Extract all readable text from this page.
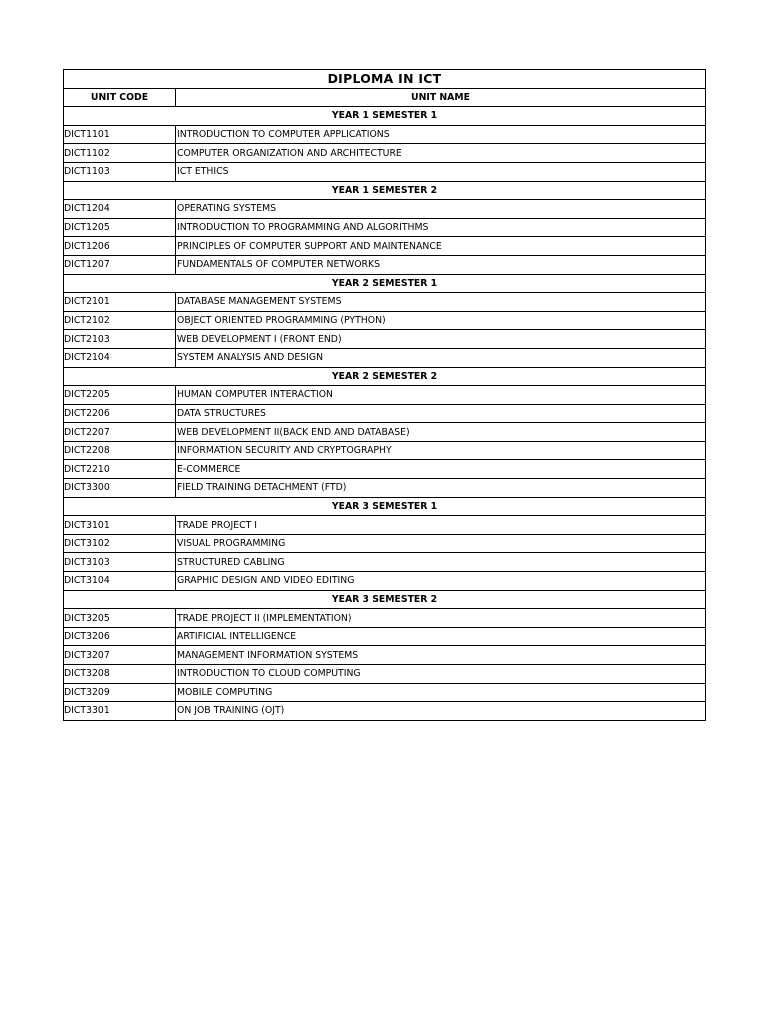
DIPLOMA IN ICT	
UNIT CODE	UNIT NAME
YEAR 1 SEMESTER 1	
DICT1101	INTRODUCTION TO COMPUTER APPLICATIONS
DICT1102	COMPUTER ORGANIZATION AND ARCHITECTURE
DICT1103	ICT ETHICS
YEAR 1 SEMESTER 2	
DICT1204	OPERATING SYSTEMS
DICT1205	INTRODUCTION TO PROGRAMMING AND ALGORITHMS
DICT1206	PRINCIPLES OF COMPUTER SUPPORT AND MAINTENANCE
DICT1207	FUNDAMENTALS OF COMPUTER NETWORKS
YEAR 2 SEMESTER 1	
DICT2101	DATABASE MANAGEMENT SYSTEMS
DICT2102	OBJECT ORIENTED PROGRAMMING (PYTHON)
DICT2103	WEB DEVELOPMENT I (FRONT END)
DICT2104	SYSTEM ANALYSIS AND DESIGN
YEAR 2 SEMESTER 2	
DICT2205	HUMAN COMPUTER INTERACTION
DICT2206	DATA STRUCTURES
DICT2207	WEB DEVELOPMENT II(BACK END AND DATABASE)
DICT2208	INFORMATION SECURITY AND CRYPTOGRAPHY
DICT2210	E-COMMERCE
DICT3300	FIELD TRAINING DETACHMENT (FTD)
YEAR 3 SEMESTER 1	
DICT3101	TRADE PROJECT I
DICT3102	VISUAL PROGRAMMING
DICT3103	STRUCTURED CABLING
DICT3104	GRAPHIC DESIGN AND VIDEO EDITING
YEAR 3 SEMESTER 2	
DICT3205	TRADE PROJECT II (IMPLEMENTATION)
DICT3206	ARTIFICIAL INTELLIGENCE
DICT3207	MANAGEMENT INFORMATION SYSTEMS
DICT3208	INTRODUCTION TO CLOUD COMPUTING
DICT3209	MOBILE COMPUTING
DICT3301	ON JOB TRAINING (OJT)
